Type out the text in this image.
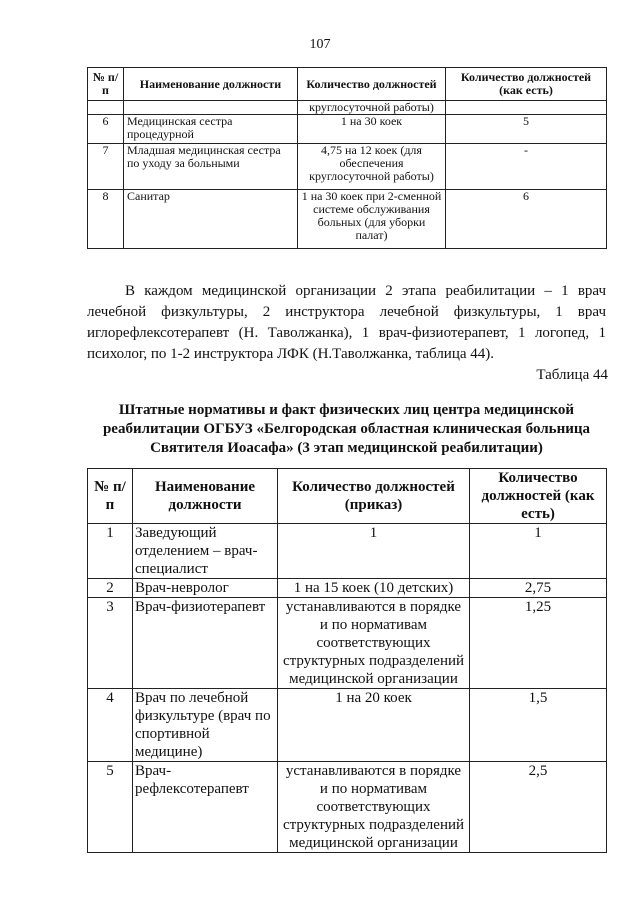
107
№ п/п	Наименование должности	Количество должностей	Количество должностей (как есть)
		круглосуточной работы)	
6	Медицинская сестра процедурной	1 на 30 коек	5
7	Младшая медицинская сестра по уходу за больными	4,75 на 12 коек (для обеспечения круглосуточной работы)	-
8	Санитар	1 на 30 коек при 2-сменной системе обслуживания больных (для уборки палат)	6
В каждом медицинской организации 2 этапа реабилитации – 1 врач лечебной физкультуры, 2 инструктора лечебной физкультуры, 1 врач иглорефлексотерапевт (Н. Таволжанка), 1 врач-физиотерапевт, 1 логопед, 1 психолог, по 1-2 инструктора ЛФК (Н.Таволжанка, таблица 44).
Таблица 44
Штатные нормативы и факт физических лиц центра медицинской реабилитации ОГБУЗ «Белгородская областная клиническая больница Святителя Иоасафа» (3 этап медицинской реабилитации)
№ п/п	Наименование должности	Количество должностей (приказ)	Количество должностей (как есть)
1	Заведующий отделением – врач-специалист	1	1
2	Врач-невролог	1 на 15 коек (10 детских)	2,75
3	Врач-физиотерапевт	устанавливаются в порядке и по нормативам соответствующих структурных подразделений медицинской организации	1,25
4	Врач по лечебной физкультуре (врач по спортивной медицине)	1 на 20 коек	1,5
5	Врач-рефлексотерапевт	устанавливаются в порядке и по нормативам соответствующих структурных подразделений медицинской организации	2,5
